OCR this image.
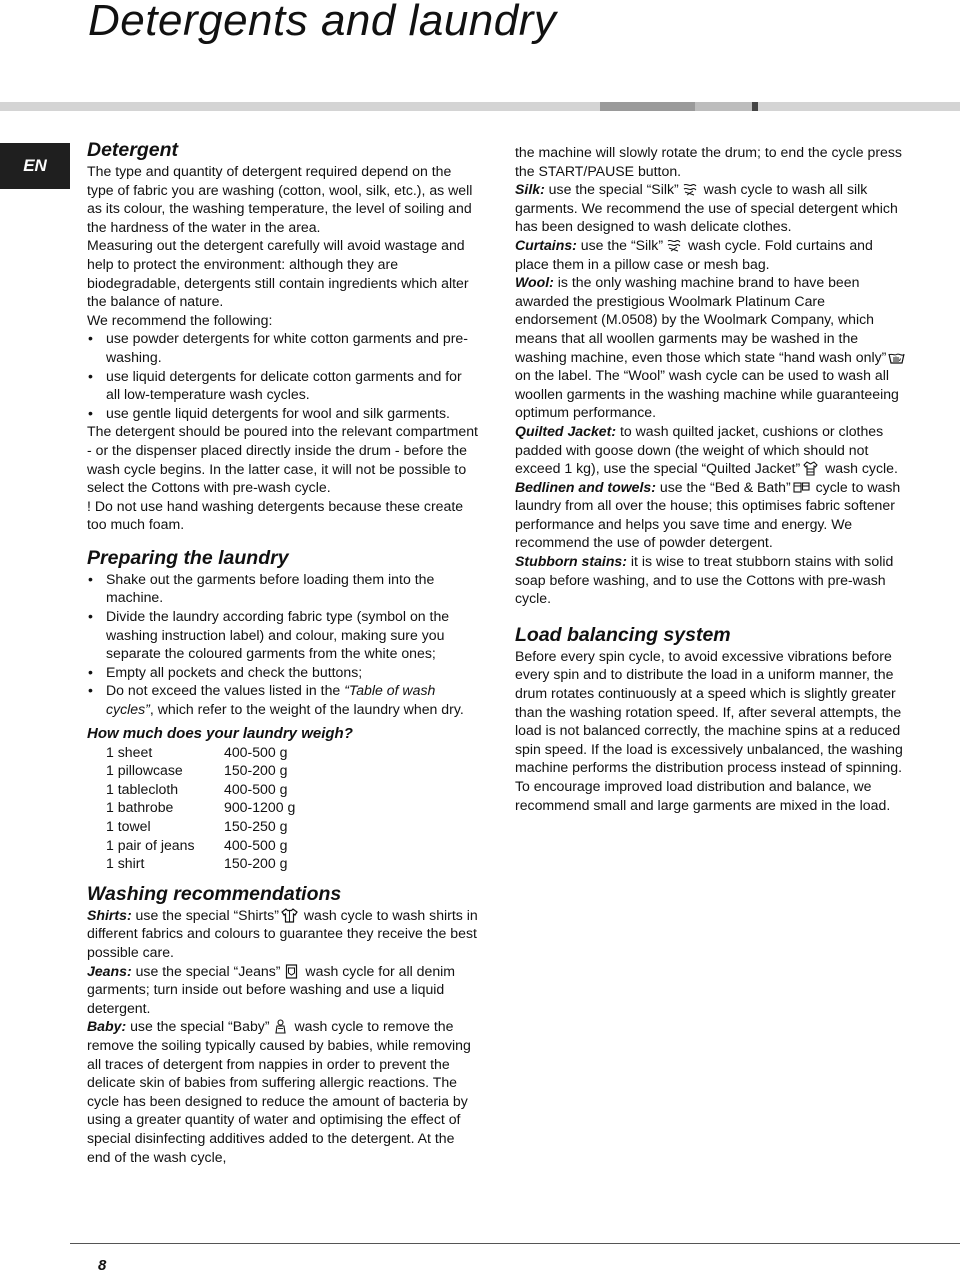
Detergents and laundry
EN
Detergent

The type and quantity of detergent required depend on the type of fabric you are washing (cotton, wool, silk, etc.), as well as its colour, the washing temperature, the level of soiling and the hardness of the water in the area.

Measuring out the detergent carefully will avoid wastage and help to protect the environment: although they are biodegradable, detergents still contain ingredients which alter the balance of nature.

We recommend the following:

• use powder detergents for white cotton garments and pre-washing.
• use liquid detergents for delicate cotton garments and for all low-temperature wash cycles.
• use gentle liquid detergents for wool and silk garments.

The detergent should be poured into the relevant compartment - or the dispenser placed directly inside the drum - before the wash cycle begins. In the latter case, it will not be possible to select the Cottons with pre-wash cycle.

! Do not use hand washing detergents because these create too much foam.

Preparing the laundry
• Shake out the garments before loading them into the machine.
• Divide the laundry according fabric type (symbol on the washing instruction label) and colour, making sure you separate the coloured garments from the white ones;
• Empty all pockets and check the buttons;
• Do not exceed the values listed in the “Table of wash cycles”, which refer to the weight of the laundry when dry.
How much does your laundry weigh?
1 sheet	400-500 g
1 pillowcase	150-200 g
1 tablecloth	400-500 g
1 bathrobe	900-1200 g
1 towel	150-250 g
1 pair of jeans	400-500 g
1 shirt	150-200 g
Washing recommendations

Shirts: use the special “Shirts”
wash cycle to wash shirts in different fabrics and colours to guarantee they receive the best possible care.

Jeans: use the special “Jeans”
wash cycle for all denim garments; turn inside out before washing and use a liquid detergent.

Baby: use the special “Baby”
wash cycle to remove the remove the soiling typically caused by babies, while removing all traces of detergent from nappies in order to prevent the delicate skin of babies from suffering allergic reactions. The cycle has been designed to reduce the amount of bacteria by using a greater quantity of water and optimising the effect of special disinfecting additives added to the detergent. At the end of the wash cycle,

the machine will slowly rotate the drum; to end the cycle press the START/PAUSE button.

Silk: use the special “Silk”
wash cycle to wash all silk garments. We recommend the use of special detergent which has been designed to wash delicate clothes.

Curtains: use the “Silk”
wash cycle. Fold curtains and place them in a pillow case or mesh bag.

Wool: is the only washing machine brand to have been awarded the prestigious Woolmark Platinum Care endorsement (M.0508) by the Woolmark Company, which means that all woollen garments may be washed in the washing machine, even those which state “hand wash only”
on the label. The “Wool” wash cycle can be used to wash all woollen garments in the washing machine while guaranteeing optimum performance.

Quilted Jacket: to wash quilted jacket, cushions or clothes padded with goose down (the weight of which should not exceed 1 kg), use the special “Quilted Jacket”
wash cycle.

Bedlinen and towels: use the “Bed & Bath”
cycle to wash laundry from all over the house; this optimises fabric softener performance and helps you save time and energy. We recommend the use of powder detergent.

Stubborn stains: it is wise to treat stubborn stains with solid soap before washing, and to use the Cottons with pre-wash cycle.

Load balancing system

Before every spin cycle, to avoid excessive vibrations before every spin and to distribute the load in a uniform manner, the drum rotates continuously at a speed which is slightly greater than the washing rotation speed. If, after several attempts, the load is not balanced correctly, the machine spins at a reduced spin speed. If the load is excessively unbalanced, the washing machine performs the distribution process instead of spinning. To encourage improved load distribution and balance, we recommend small and large garments are mixed in the load.

8
